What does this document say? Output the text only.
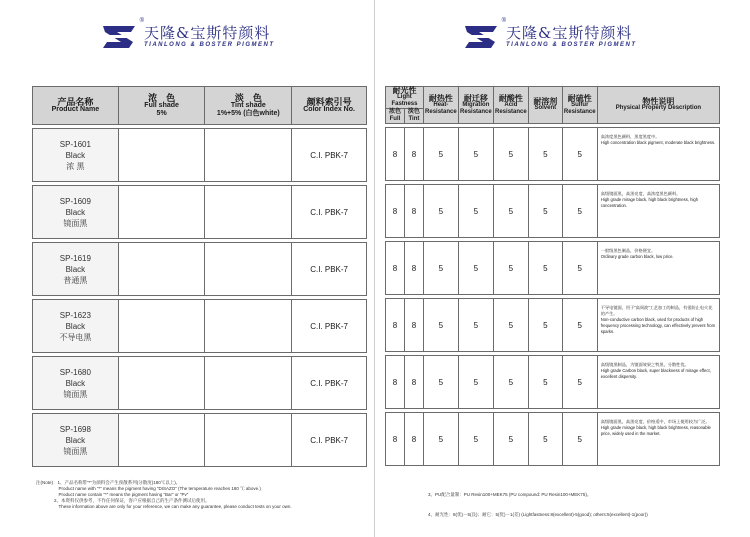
®
天隆&宝斯特颜料
TIANLONG & BOSTER PIGMENT
产品名称
Product Name	浓　色
Full shade
5%	淡　色
Tint shade
1%+5% (白色white)	颜料索引号
Color Index No.

SP-1601
Black
浓 黑			C.I. PBK-7

SP-1609
Black
镜面黑			C.I. PBK-7

SP-1619
Black
普通黑			C.I. PBK-7

SP-1623
Black
不导电黑			C.I. PBK-7

SP-1680
Black
镜面黑			C.I. PBK-7

SP-1698
Black
镜面黑			C.I. PBK-7
注(Note)：1、产品名称带“*”为颜料会产生预散系列(分散度(180℃以上)。
　　　　　Product name with “*” means the pigment having “DISAZO” (The temperature reaches 180 ℃ above.)
　　　　　Product name contain “*” means the pigment having “Bar” or “Pv”
　　　　2、本资料仅供参考，不作任何保证，客户应根据自己的生产条件测试后使用。
　　　　　These information above are only for your reference, we can make any guarantee, please conduct tests on your own.
®
天隆&宝斯特颜料
TIANLONG & BOSTER PIGMENT
耐光性
Light Fastness		耐热性
Heat-
Resistance	耐迁移
Migration
Resistance	耐酸性
Acid
Resistance	耐溶剂
Solvent	耐硫性
Sulfur
Resistance	物性说明
Physical Property Description

浓色
Full	淡色
Tint						

8	8	5	5	5	5	5	高浓度黑色颜料，黑度黑度中。
High concentration black pigment, moderate black brightness.

8	8	5	5	5	5	5	高级镜面黑，高黑亮度，高浓度黑色颜料。
High grade mirage black, high black brightness, high concentration.

8	8	5	5	5	5	5	一般级黑色制品，价格便宜。
Ordinary grade carbon black, low price.

8	8	5	5	5	5	5	不导电镜面，用于“高周波”工艺加工的制品，有很防止电火花的产生。
Non-conductive carbon black, used for products of high frequency processing technology, can effectively prevent from sparks.

8	8	5	5	5	5	5	高级镜黑制品，为镜面效果之特黑，分散性优。
High grade Carbon black, super blackness of mirage effect, excellent dispersity.

8	8	5	5	5	5	5	高级镜面黑，高黑亮度，价格适中，市场上使用较为广泛。
High grade mirage black, high black brightness, reasonable price, widely used in the market.
3、PU配合量制：PU Resin100+MEK75 (PU compound: PU Resin100+MEK75)。
4、耐光性：8(优)－5(良)；耐它：5(优)－1(差) (Lightfastness:8(excellent)-5(good); others:5(excellent)-1(poor))
